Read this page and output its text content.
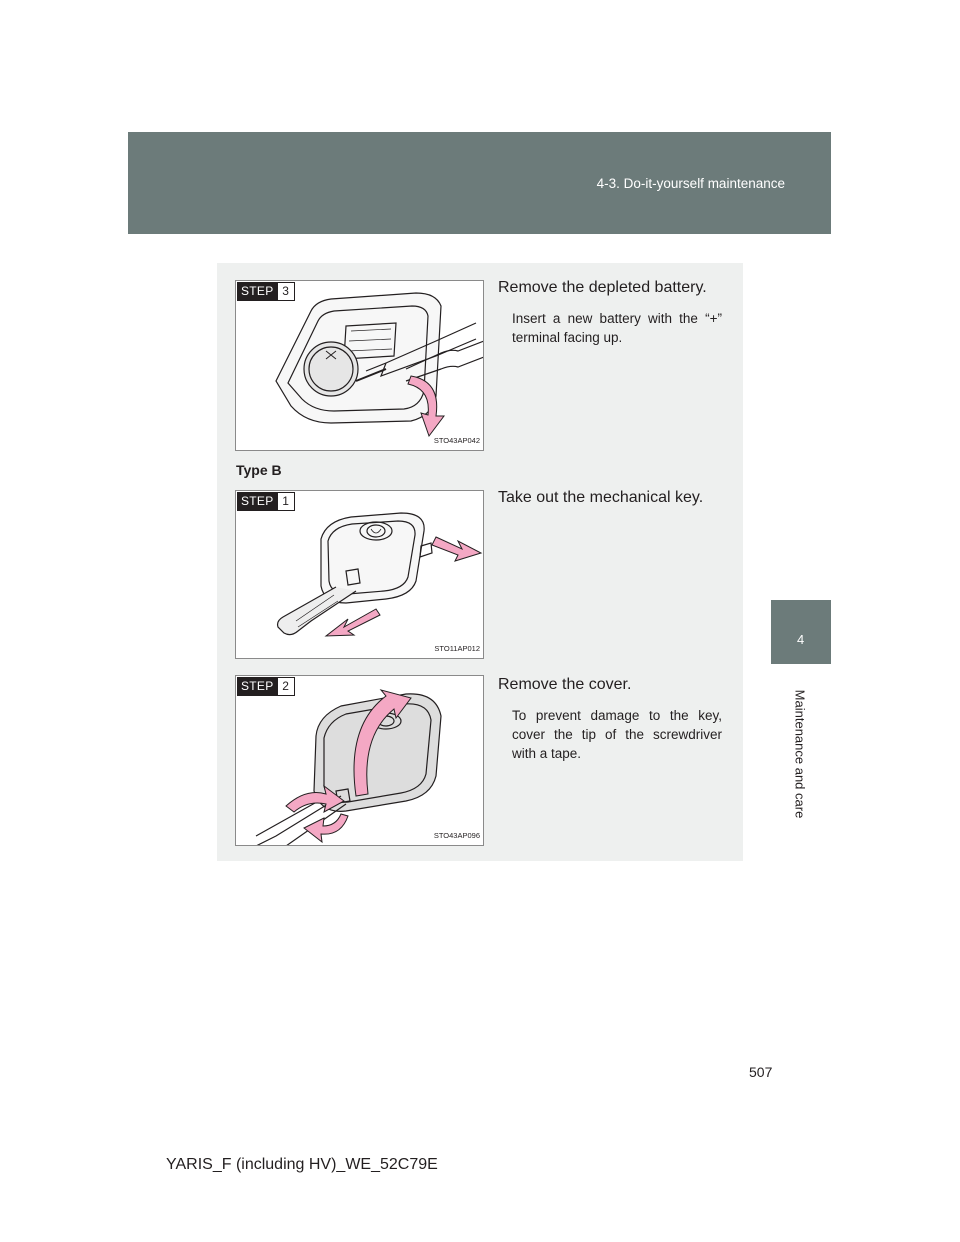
4-3. Do-it-yourself maintenance
4
Maintenance and care
STEP 3
STO43AP042
Remove the depleted battery.

Insert a new battery with the “+” terminal facing up.

Type B
STEP 1
STO11AP012
Take out the mechanical key.
STEP 2
STO43AP096
Remove the cover.

To prevent damage to the key, cover the tip of the screwdriver with a tape.

507
YARIS_F (including HV)_WE_52C79E
